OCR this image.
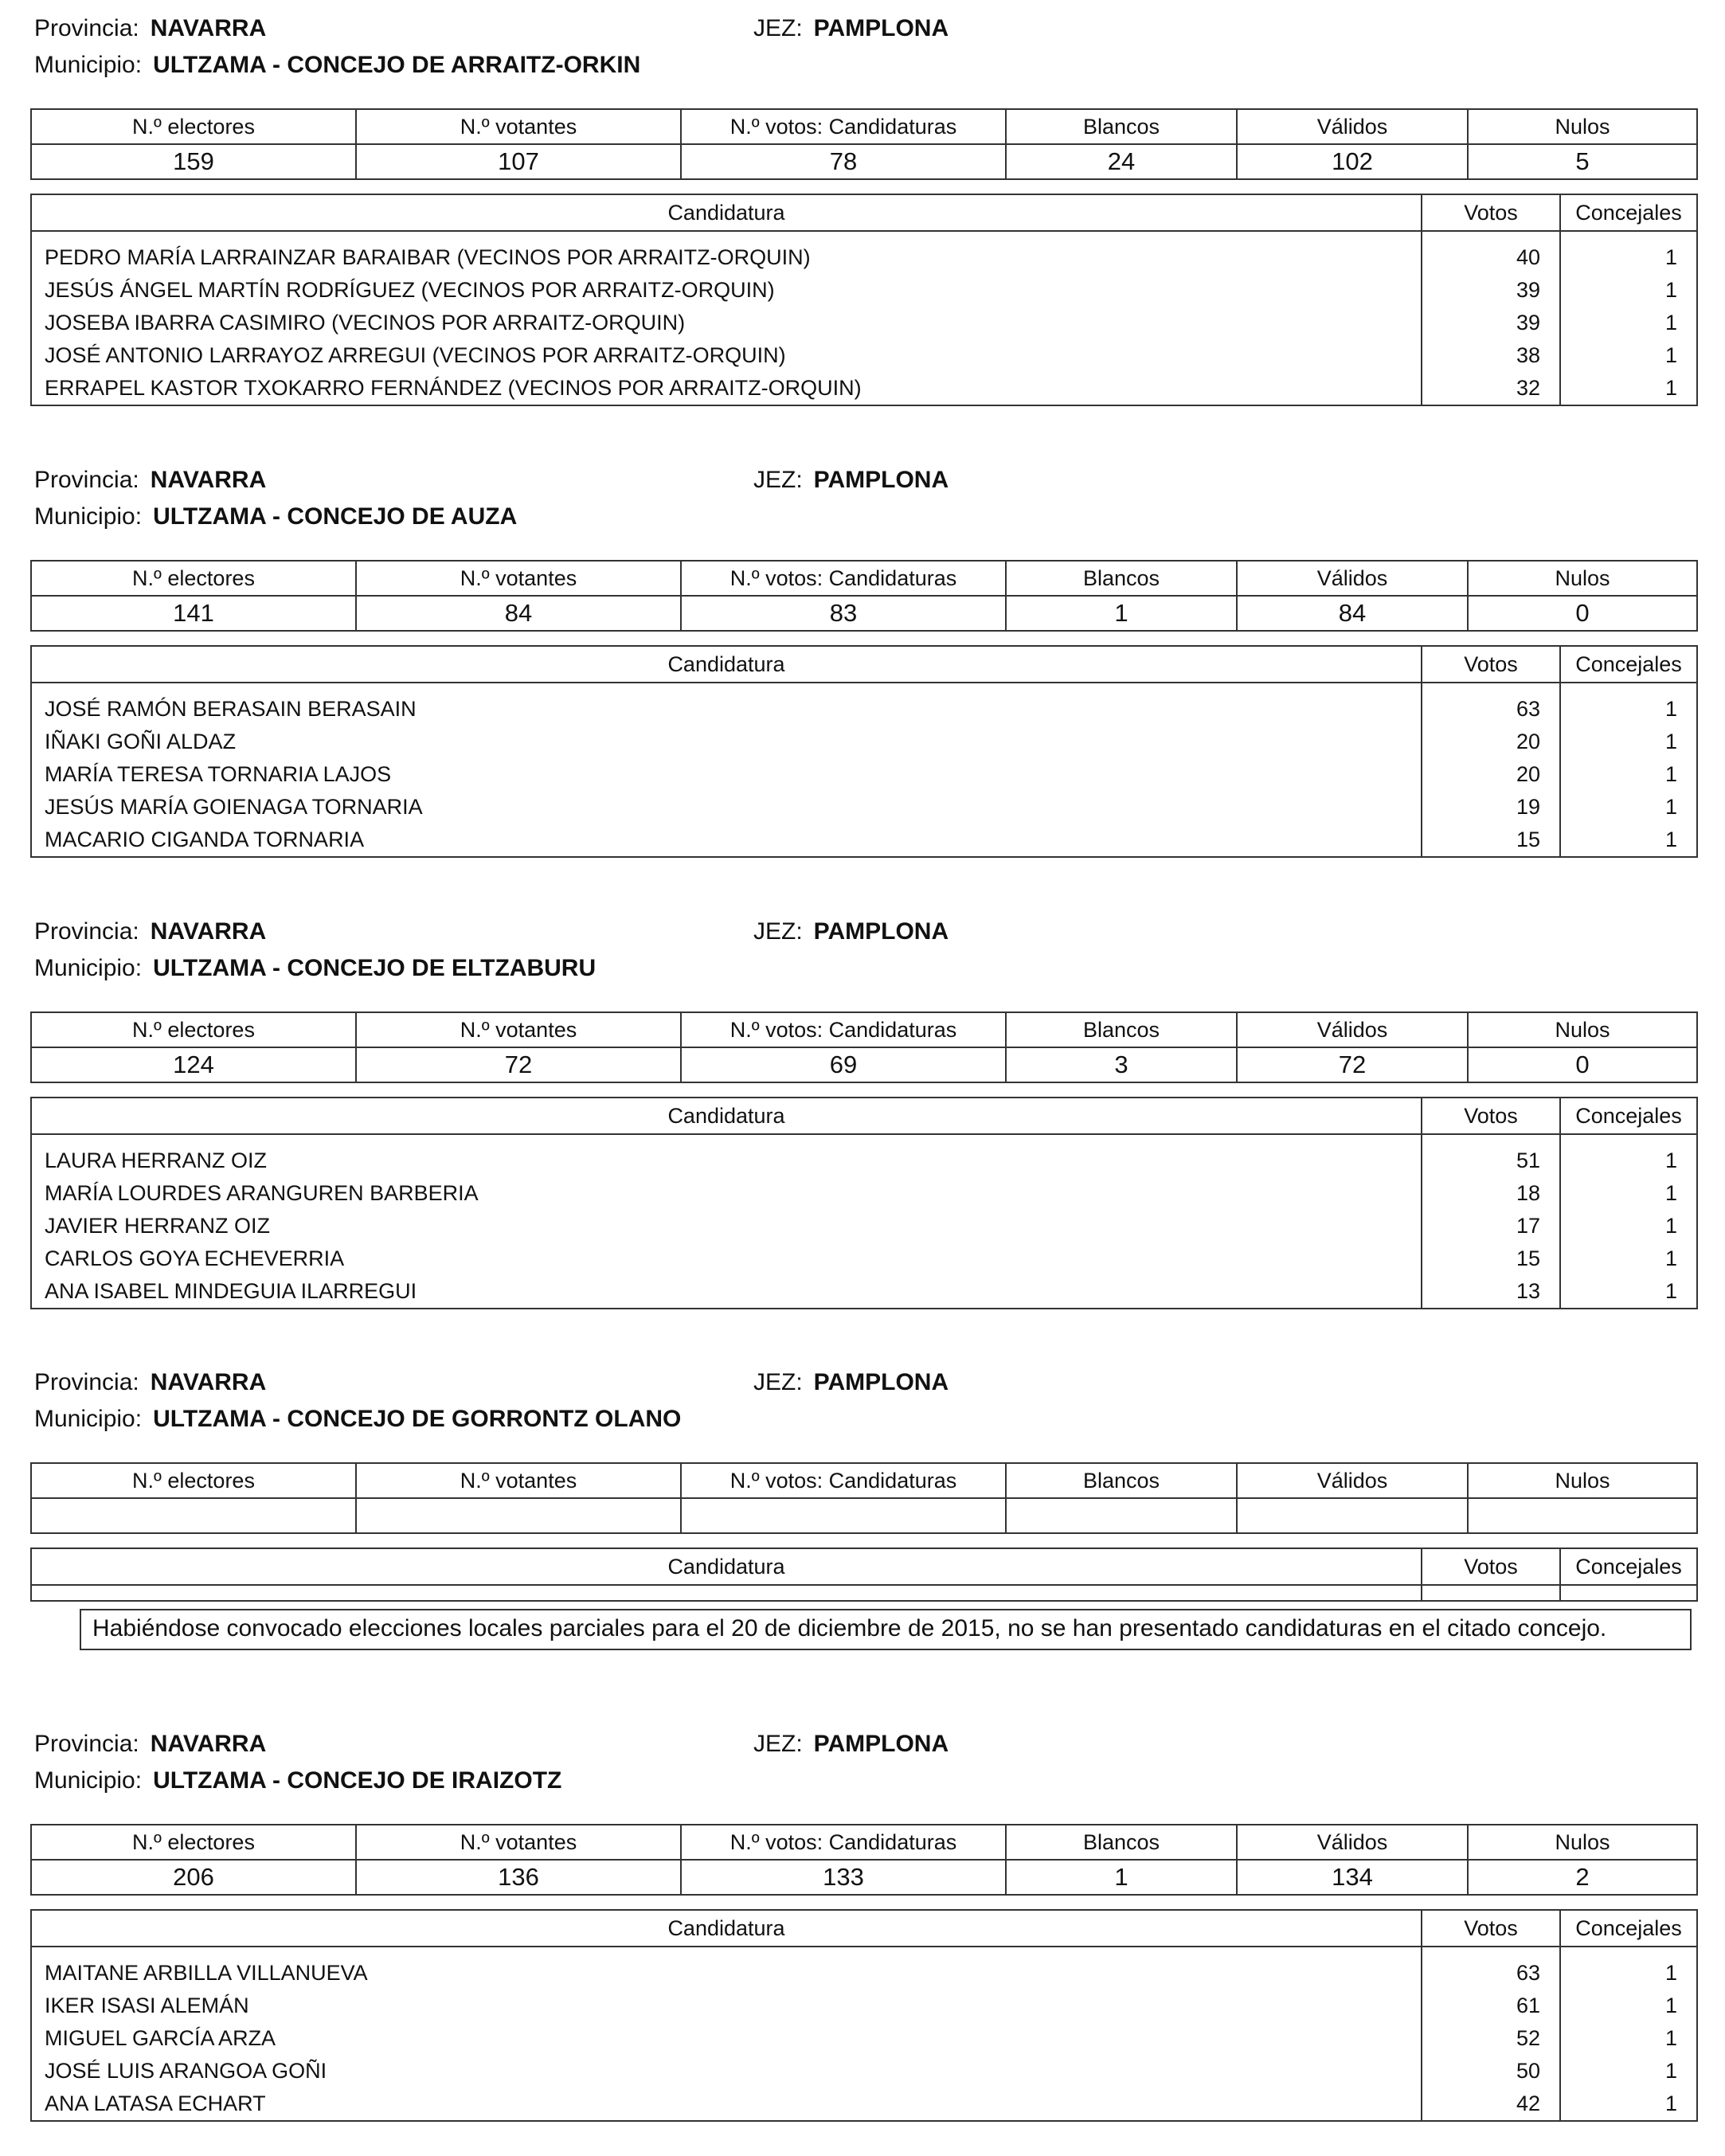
Provincia: NAVARRA	JEZ: PAMPLONA
Municipio: ULTZAMA - CONCEJO DE ARRAITZ-ORKIN
N.º electores	N.º votantes	N.º votos: Candidaturas	Blancos	Válidos	Nulos
159	107	78	24	102	5
Candidatura	Votos	Concejales
PEDRO MARÍA LARRAINZAR BARAIBAR (VECINOS POR ARRAITZ-ORQUIN)	40	1
JESÚS ÁNGEL MARTÍN RODRÍGUEZ (VECINOS POR ARRAITZ-ORQUIN)	39	1
JOSEBA IBARRA CASIMIRO (VECINOS POR ARRAITZ-ORQUIN)	39	1
JOSÉ ANTONIO LARRAYOZ ARREGUI (VECINOS POR ARRAITZ-ORQUIN)	38	1
ERRAPEL KASTOR TXOKARRO FERNÁNDEZ (VECINOS POR ARRAITZ-ORQUIN)	32	1
Provincia: NAVARRA	JEZ: PAMPLONA
Municipio: ULTZAMA - CONCEJO DE AUZA
N.º electores	N.º votantes	N.º votos: Candidaturas	Blancos	Válidos	Nulos
141	84	83	1	84	0
Candidatura	Votos	Concejales
JOSÉ RAMÓN BERASAIN BERASAIN	63	1
IÑAKI GOÑI ALDAZ	20	1
MARÍA TERESA TORNARIA LAJOS	20	1
JESÚS MARÍA GOIENAGA TORNARIA	19	1
MACARIO CIGANDA TORNARIA	15	1
Provincia: NAVARRA	JEZ: PAMPLONA
Municipio: ULTZAMA - CONCEJO DE ELTZABURU
N.º electores	N.º votantes	N.º votos: Candidaturas	Blancos	Válidos	Nulos
124	72	69	3	72	0
Candidatura	Votos	Concejales
LAURA HERRANZ OIZ	51	1
MARÍA LOURDES ARANGUREN BARBERIA	18	1
JAVIER HERRANZ OIZ	17	1
CARLOS GOYA ECHEVERRIA	15	1
ANA ISABEL MINDEGUIA ILARREGUI	13	1
Provincia: NAVARRA	JEZ: PAMPLONA
Municipio: ULTZAMA - CONCEJO DE GORRONTZ OLANO
N.º electores	N.º votantes	N.º votos: Candidaturas	Blancos	Válidos	Nulos

Candidatura	Votos	Concejales

Habiéndose convocado elecciones locales parciales para el 20 de diciembre de 2015, no se han presentado candidaturas en el citado concejo.
Provincia: NAVARRA	JEZ: PAMPLONA
Municipio: ULTZAMA - CONCEJO DE IRAIZOTZ
N.º electores	N.º votantes	N.º votos: Candidaturas	Blancos	Válidos	Nulos
206	136	133	1	134	2
Candidatura	Votos	Concejales
MAITANE ARBILLA VILLANUEVA	63	1
IKER ISASI ALEMÁN	61	1
MIGUEL GARCÍA ARZA	52	1
JOSÉ LUIS ARANGOA GOÑI	50	1
ANA LATASA ECHART	42	1
